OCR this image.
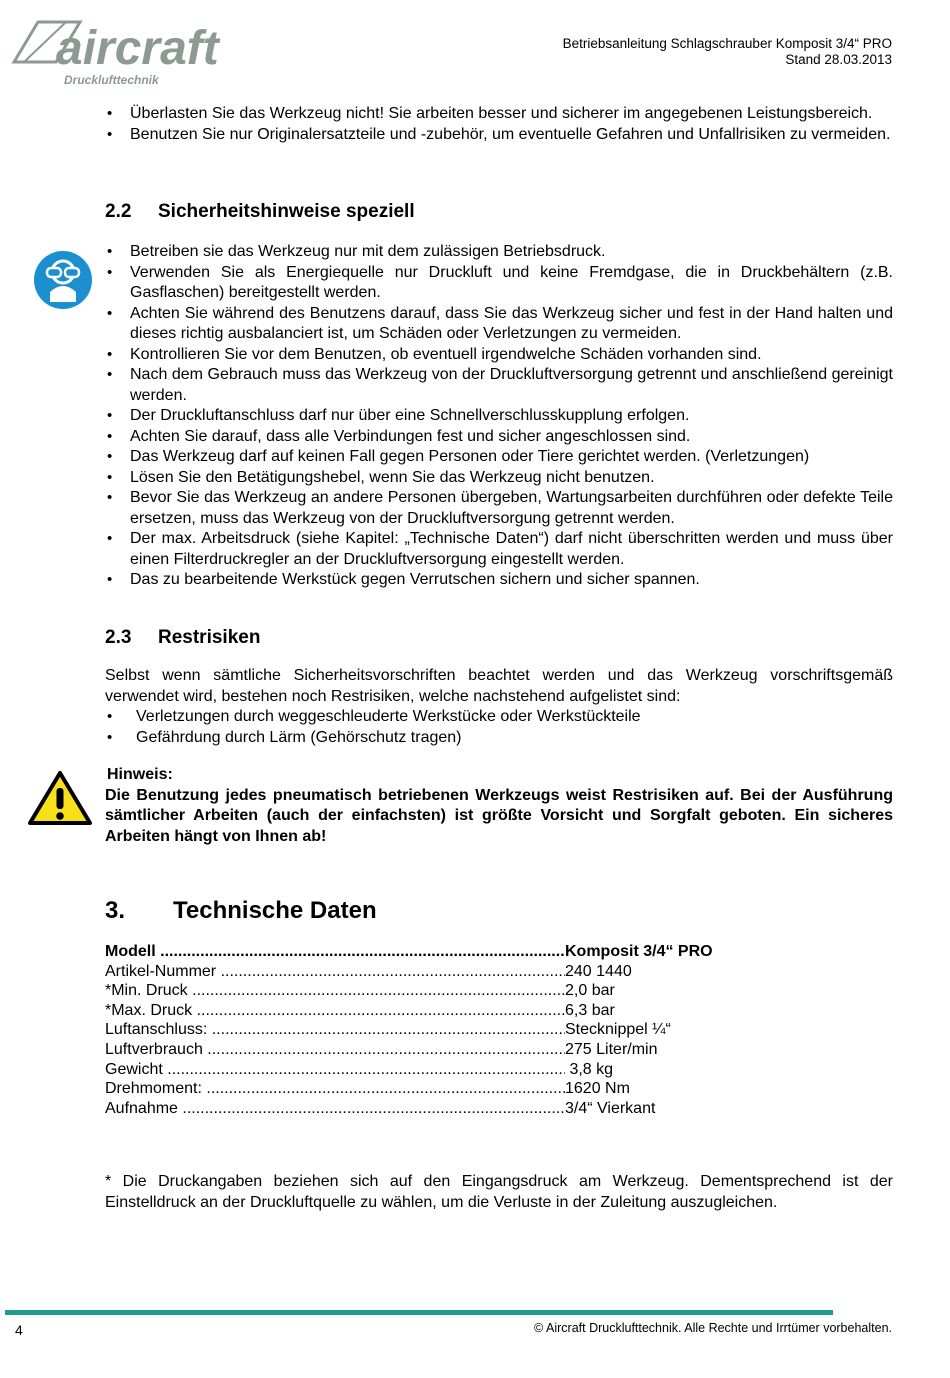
aircraft
Drucklufttechnik
Betriebsanleitung Schlagschrauber Komposit 3/4“ PRO
Stand 28.03.2013
• Überlasten Sie das Werkzeug nicht! Sie arbeiten besser und sicherer im angegebenen Leistungsbereich.
• Benutzen Sie nur Originalersatzteile und -zubehör, um eventuelle Gefahren und Unfallrisiken zu vermeiden.
2.2 Sicherheitshinweise speziell
• Betreiben sie das Werkzeug nur mit dem zulässigen Betriebsdruck.
• Verwenden Sie als Energiequelle nur Druckluft und keine Fremdgase, die in Druckbehältern (z.B. Gasflaschen) bereitgestellt werden.
• Achten Sie während des Benutzens darauf, dass Sie das Werkzeug sicher und fest in der Hand halten und dieses richtig ausbalanciert ist, um Schäden oder Verletzungen zu vermeiden.
• Kontrollieren Sie vor dem Benutzen, ob eventuell irgendwelche Schäden vorhanden sind.
• Nach dem Gebrauch muss das Werkzeug von der Druckluftversorgung getrennt und anschließend gereinigt werden.
• Der Druckluftanschluss darf nur über eine Schnellverschlusskupplung erfolgen.
• Achten Sie darauf, dass alle Verbindungen fest und sicher angeschlossen sind.
• Das Werkzeug darf auf keinen Fall gegen Personen oder Tiere gerichtet werden. (Verletzungen)
• Lösen Sie den Betätigungshebel, wenn Sie das Werkzeug nicht benutzen.
• Bevor Sie das Werkzeug an andere Personen übergeben, Wartungsarbeiten durchführen oder defekte Teile ersetzen, muss das Werkzeug von der Druckluftversorgung getrennt werden.
• Der max. Arbeitsdruck (siehe Kapitel: „Technische Daten“) darf nicht überschritten werden und muss über einen Filterdruckregler an der Druckluftversorgung eingestellt werden.
• Das zu bearbeitende Werkstück gegen Verrutschen sichern und sicher spannen.
2.3 Restrisiken

Selbst wenn sämtliche Sicherheitsvorschriften beachtet werden und das Werkzeug vorschriftsgemäß verwendet wird, bestehen noch Restrisiken, welche nachstehend aufgelistet sind:

• Verletzungen durch weggeschleuderte Werkstücke oder Werkstückteile
• Gefährdung durch Lärm (Gehörschutz tragen)
Hinweis:

Die Benutzung jedes pneumatisch betriebenen Werkzeugs weist Restrisiken auf. Bei der Ausführung sämtlicher Arbeiten (auch der einfachsten) ist größte Vorsicht und Sorgfalt geboten. Ein sicheres Arbeiten hängt von Ihnen ab!

3. Technische Daten
Modell .....	Komposit 3/4“ PRO
Artikel-Nummer .....	240 1440
*Min. Druck .....	2,0 bar
*Max. Druck .....	6,3 bar
Luftanschluss: .....	Stecknippel ¼“
Luftverbrauch .....	275 Liter/min
Gewicht .....	3,8 kg
Drehmoment: .....	1620 Nm
Aufnahme .....	3/4“ Vierkant

* Die Druckangaben beziehen sich auf den Eingangsdruck am Werkzeug. Dementsprechend ist der Einstelldruck an der Druckluftquelle zu wählen, um die Verluste in der Zuleitung auszugleichen.

4	© Aircraft Drucklufttechnik. Alle Rechte und Irrtümer vorbehalten.
